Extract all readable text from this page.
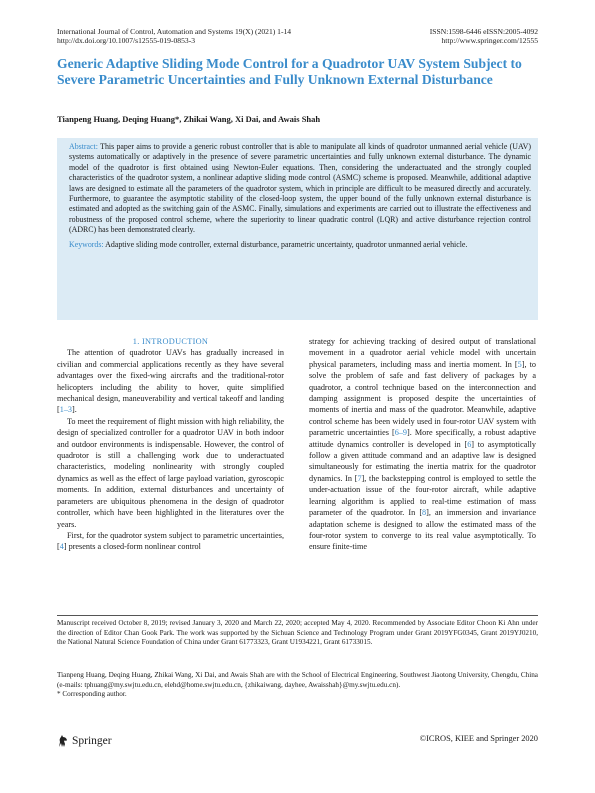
International Journal of Control, Automation and Systems 19(X) (2021) 1-14
http://dx.doi.org/10.1007/s12555-019-0853-3
ISSN:1598-6446 eISSN:2005-4092
http://www.springer.com/12555
Generic Adaptive Sliding Mode Control for a Quadrotor UAV System Subject to Severe Parametric Uncertainties and Fully Unknown External Disturbance
Tianpeng Huang, Deqing Huang*, Zhikai Wang, Xi Dai, and Awais Shah

Abstract: This paper aims to provide a generic robust controller that is able to manipulate all kinds of quadrotor unmanned aerial vehicle (UAV) systems automatically or adaptively in the presence of severe parametric uncertainties and fully unknown external disturbance. The dynamic model of the quadrotor is first obtained using Newton-Euler equations. Then, considering the underactuated and the strongly coupled characteristics of the quadrotor system, a nonlinear adaptive sliding mode control (ASMC) scheme is proposed. Meanwhile, additional adaptive laws are designed to estimate all the parameters of the quadrotor system, which in principle are difficult to be measured directly and accurately. Furthermore, to guarantee the asymptotic stability of the closed-loop system, the upper bound of the fully unknown external disturbance is estimated and adopted as the switching gain of the ASMC. Finally, simulations and experiments are carried out to illustrate the effectiveness and robustness of the proposed control scheme, where the superiority to linear quadratic control (LQR) and active disturbance rejection control (ADRC) has been demonstrated clearly.

Keywords: Adaptive sliding mode controller, external disturbance, parametric uncertainty, quadrotor unmanned aerial vehicle.

1. INTRODUCTION

The attention of quadrotor UAVs has gradually increased in civilian and commercial applications recently as they have several advantages over the fixed-wing aircrafts and the traditional-rotor helicopters including the ability to hover, quite simplified mechanical design, maneuverability and vertical takeoff and landing [1–3].

To meet the requirement of flight mission with high reliability, the design of specialized controller for a quadrotor UAV in both indoor and outdoor environments is indispensable. However, the control of quadrotor is still a challenging work due to underactuated characteristics, modeling nonlinearity with strongly coupled dynamics as well as the effect of large payload variation, gyroscopic moments. In addition, external disturbances and uncertainty of parameters are ubiquitous phenomena in the design of quadrotor controller, which have been highlighted in the literatures over the years.

First, for the quadrotor system subject to parametric uncertainties, [4] presents a closed-form nonlinear control

strategy for achieving tracking of desired output of translational movement in a quadrotor aerial vehicle model with uncertain physical parameters, including mass and inertia moment. In [5], to solve the problem of safe and fast delivery of packages by a quadrotor, a control technique based on the interconnection and damping assignment is proposed despite the uncertainties of moments of inertia and mass of the quadrotor. Meanwhile, adaptive control scheme has been widely used in four-rotor UAV system with parametric uncertainties [6–9]. More specifically, a robust adaptive attitude dynamics controller is developed in [6] to asymptotically follow a given attitude command and an adaptive law is designed simultaneously for estimating the inertia matrix for the quadrotor dynamics. In [7], the backstepping control is employed to settle the under-actuation issue of the four-rotor aircraft, while adaptive learning algorithm is applied to real-time estimation of mass parameter of the quadrotor. In [8], an immersion and invariance adaptation scheme is designed to allow the estimated mass of the four-rotor system to converge to its real value asymptotically. To ensure finite-time

Manuscript received October 8, 2019; revised January 3, 2020 and March 22, 2020; accepted May 4, 2020. Recommended by Associate Editor Choon Ki Ahn under the direction of Editor Chan Gook Park. The work was supported by the Sichuan Science and Technology Program under Grant 2019YFG0345, Grant 2019YJ0210, the National Natural Science Foundation of China under Grant 61773323, Grant U1934221, Grant 61733015.

Tianpeng Huang, Deqing Huang, Zhikai Wang, Xi Dai, and Awais Shah are with the School of Electrical Engineering, Southwest Jiaotong University, Chengdu, China (e-mails: tphuang@my.swjtu.edu.cn, elehd@home.swjtu.edu.cn, {zhikaiwang, dayhee, Awaisshah}@my.swjtu.edu.cn).

* Corresponding author.

Springer	©ICROS, KIEE and Springer 2020
